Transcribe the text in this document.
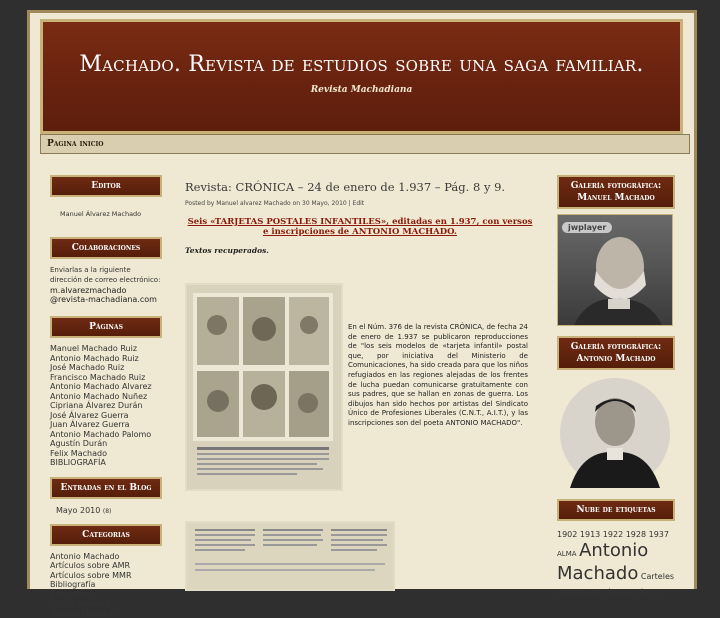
Machado. Revista de estudios sobre una saga familiar.
Revista Machadiana
Pagina inicio
Editor
Manuel Álvarez Machado
Colaboraciones
Enviarlas a la riguiente dirección de correo electrónico:
m.alvarezmachado @revista-machadiana.com
Páginas
Manuel Machado Ruiz
Antonio Machado Ruiz
José Machado Ruiz
Francisco Machado Ruiz
Antonio Machado Alvarez
Antonio Machado Nuñez
Cipriana Álvarez Durán
José Álvarez Guerra
Juan Álvarez Guerra
Antonio Machado Palomo
Agustín Durán
Felix Machado
BIBLIOGRAFÍA
Entradas en el Blog
Mayo 2010 (8)
Categorias
Antonio Machado
Artículos sobre AMR
Artículos sobre MMR
Bibliografía
Biografías
Critica literaria
Manuel Machado
Revista: CRÓNICA – 24 de enero de 1.937 – Pág. 8 y 9.
Posted by Manuel alvarez Machado on 30 Mayo, 2010 | Edit
Seis «TARJETAS POSTALES INFANTILES», editadas en 1.937, con versos e inscripciones de ANTONIO MACHADO.
Textos recuperados.
En el Núm. 376 de la revista CRÓNICA, de fecha 24 de enero de 1.937 se publicaron reproducciones de "los seis modelos de «tarjeta infantil» postal que, por iniciativa del Ministerio de Comunicaciones, ha sido creada para que los niños refugiados en las regiones alejadas de los frentes de lucha puedan comunicarse gratuitamente con sus padres, que se hallan en zonas de guerra. Los dibujos han sido hechos por artistas del Sindicato Único de Profesiones Liberales (C.N.T., A.I.T.), y las inscripciones son del poeta ANTONIO MACHADO".
Galería fotográfica: Manuel Machado
jwplayer
Galería fotográfica: Antonio Machado
Nube de etiquetas
1902 1913 1922 1928 1937
ALMA Antonio
Machado Carteles
CASTILLA Crónica Crónica
